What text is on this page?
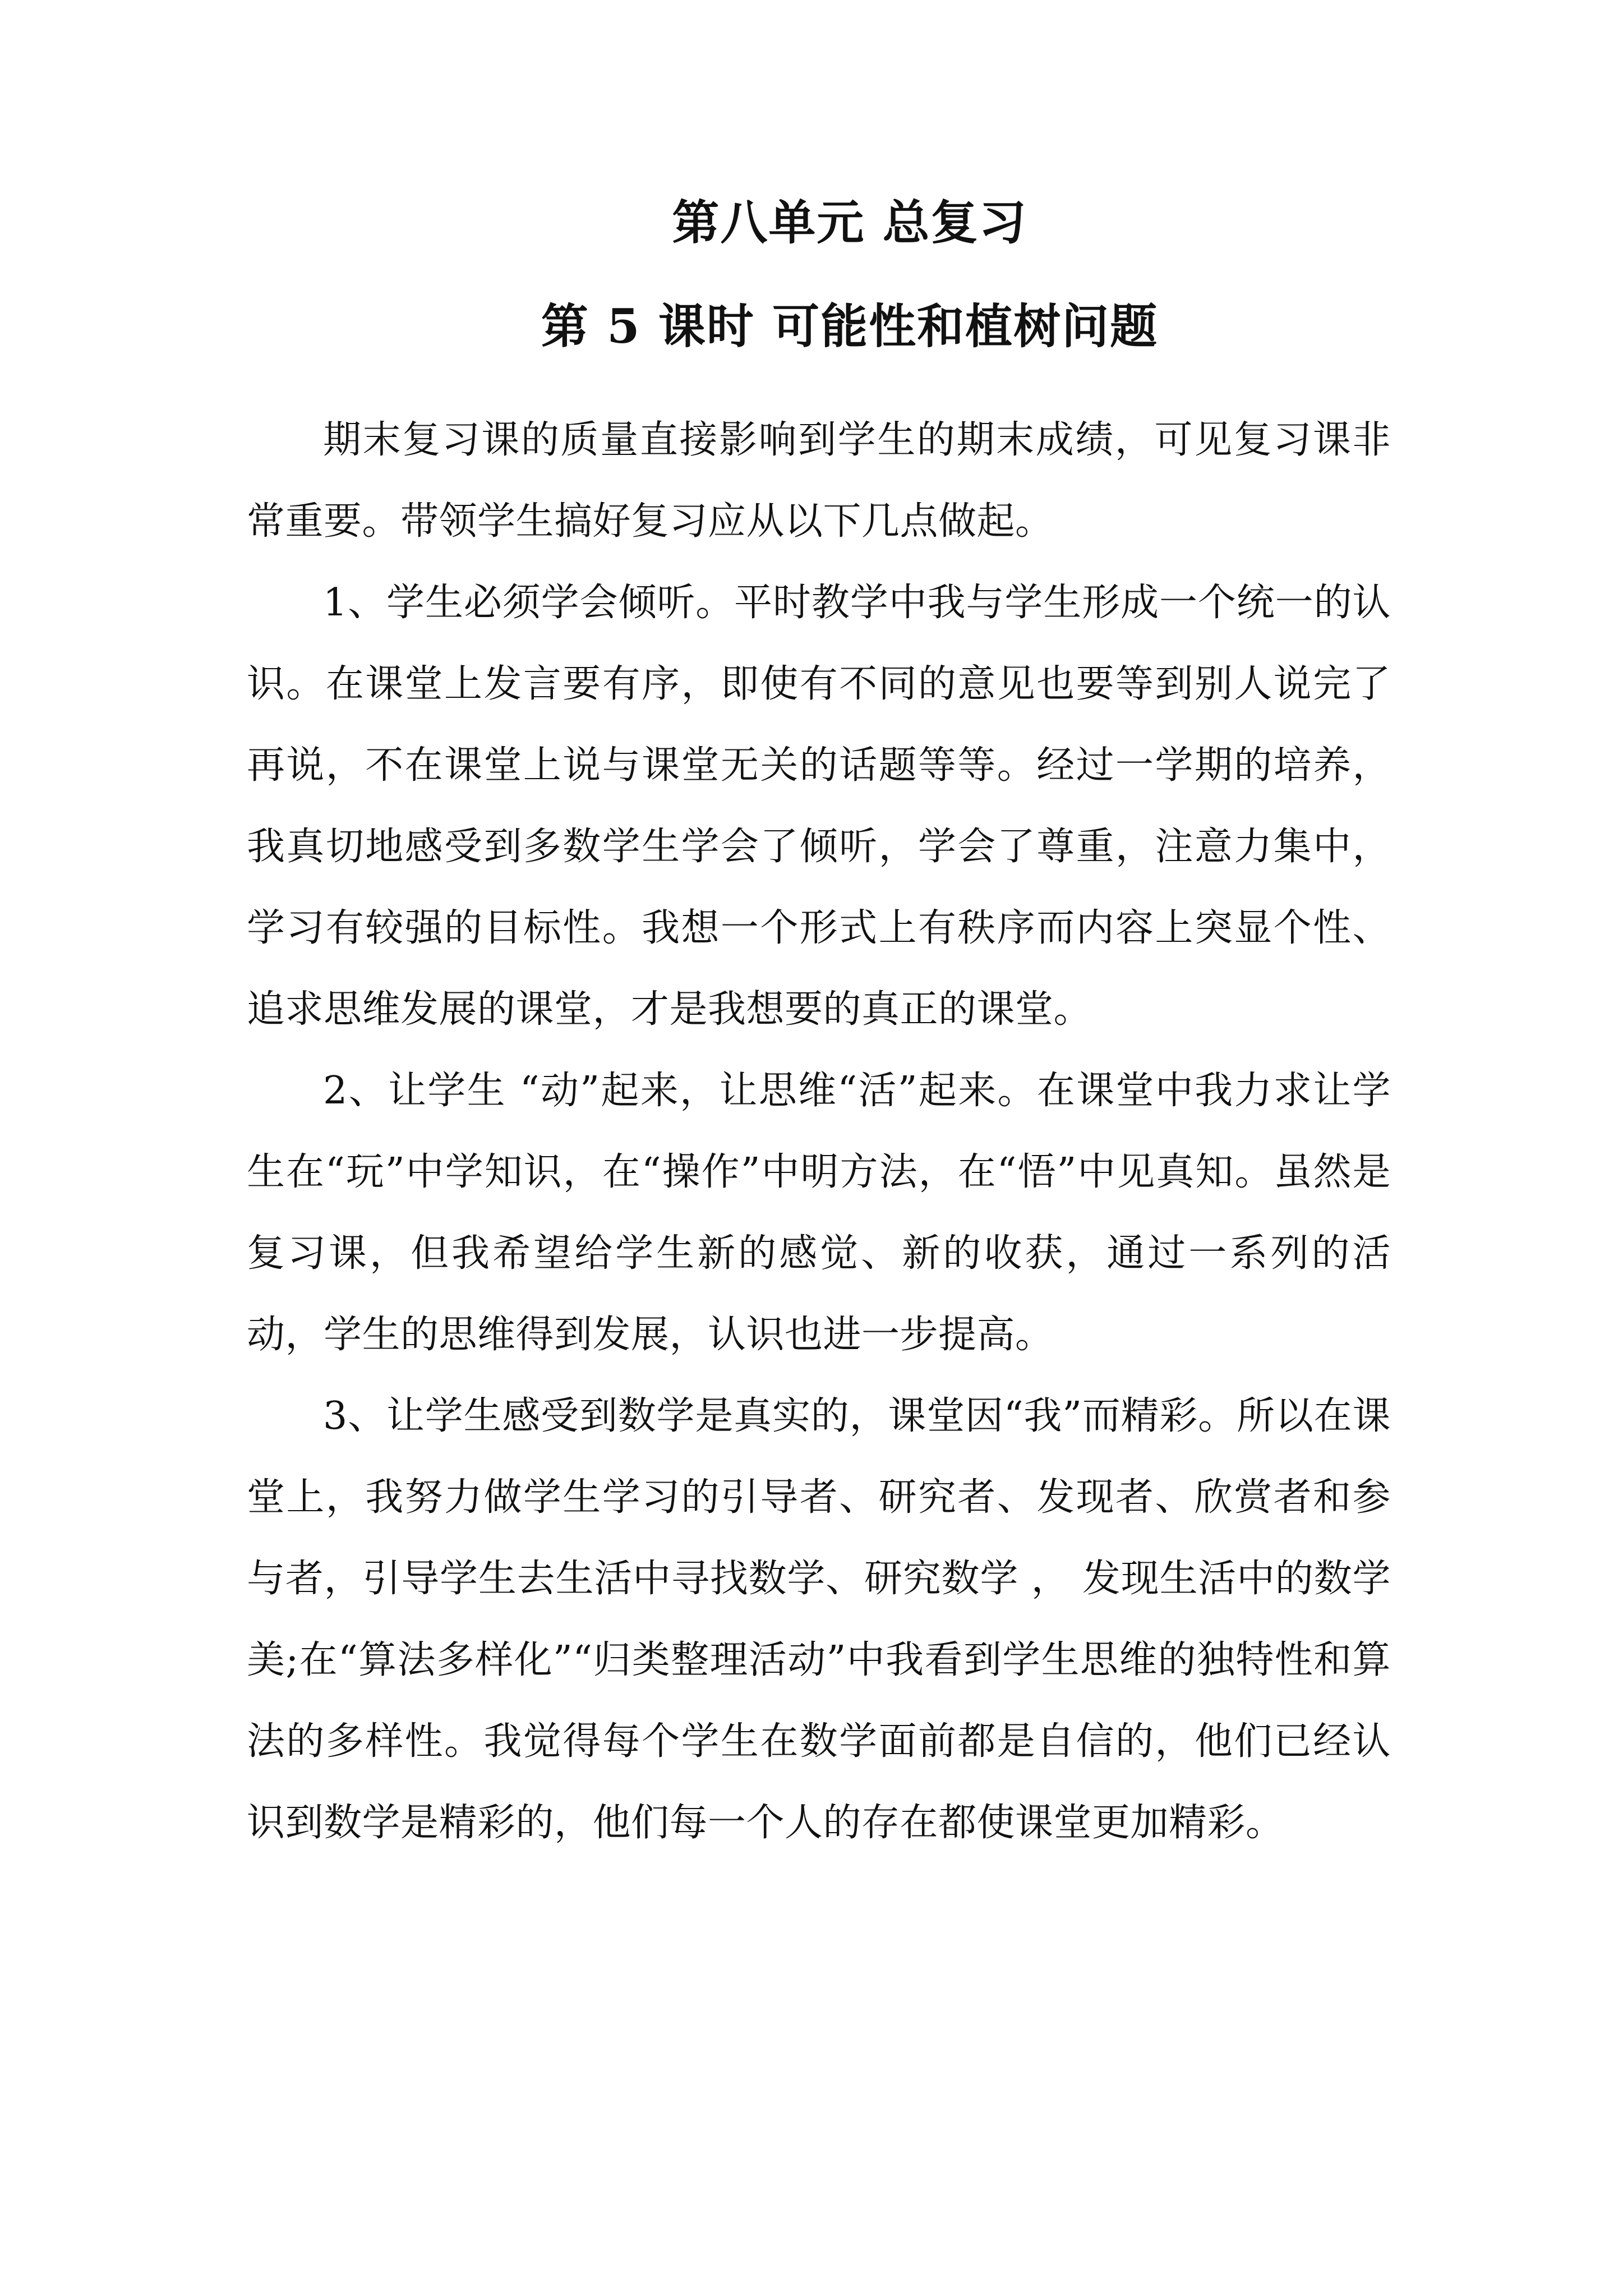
第八单元 总复习
第 5 课时 可能性和植树问题

期末复习课的质量直接影响到学生的期末成绩，可见复习课非常重要。带领学生搞好复习应从以下几点做起。

1、学生必须学会倾听。平时教学中我与学生形成一个统一的认识。在课堂上发言要有序，即使有不同的意见也要等到别人说完了再说，不在课堂上说与课堂无关的话题等等。经过一学期的培养，我真切地感受到多数学生学会了倾听，学会了尊重，注意力集中，学习有较强的目标性。我想一个形式上有秩序而内容上突显个性、追求思维发展的课堂，才是我想要的真正的课堂。

2、让学生 “动”起来，让思维“活”起来。在课堂中我力求让学生在“玩”中学知识，在“操作”中明方法，在“悟”中见真知。虽然是复习课，但我希望给学生新的感觉、新的收获，通过一系列的活动，学生的思维得到发展，认识也进一步提高。

3、让学生感受到数学是真实的，课堂因“我”而精彩。所以在课堂上，我努力做学生学习的引导者、研究者、发现者、欣赏者和参与者，引导学生去生活中寻找数学、研究数学 ， 发现生活中的数学美;在“算法多样化”“归类整理活动”中我看到学生思维的独特性和算法的多样性。我觉得每个学生在数学面前都是自信的，他们已经认识到数学是精彩的，他们每一个人的存在都使课堂更加精彩。
